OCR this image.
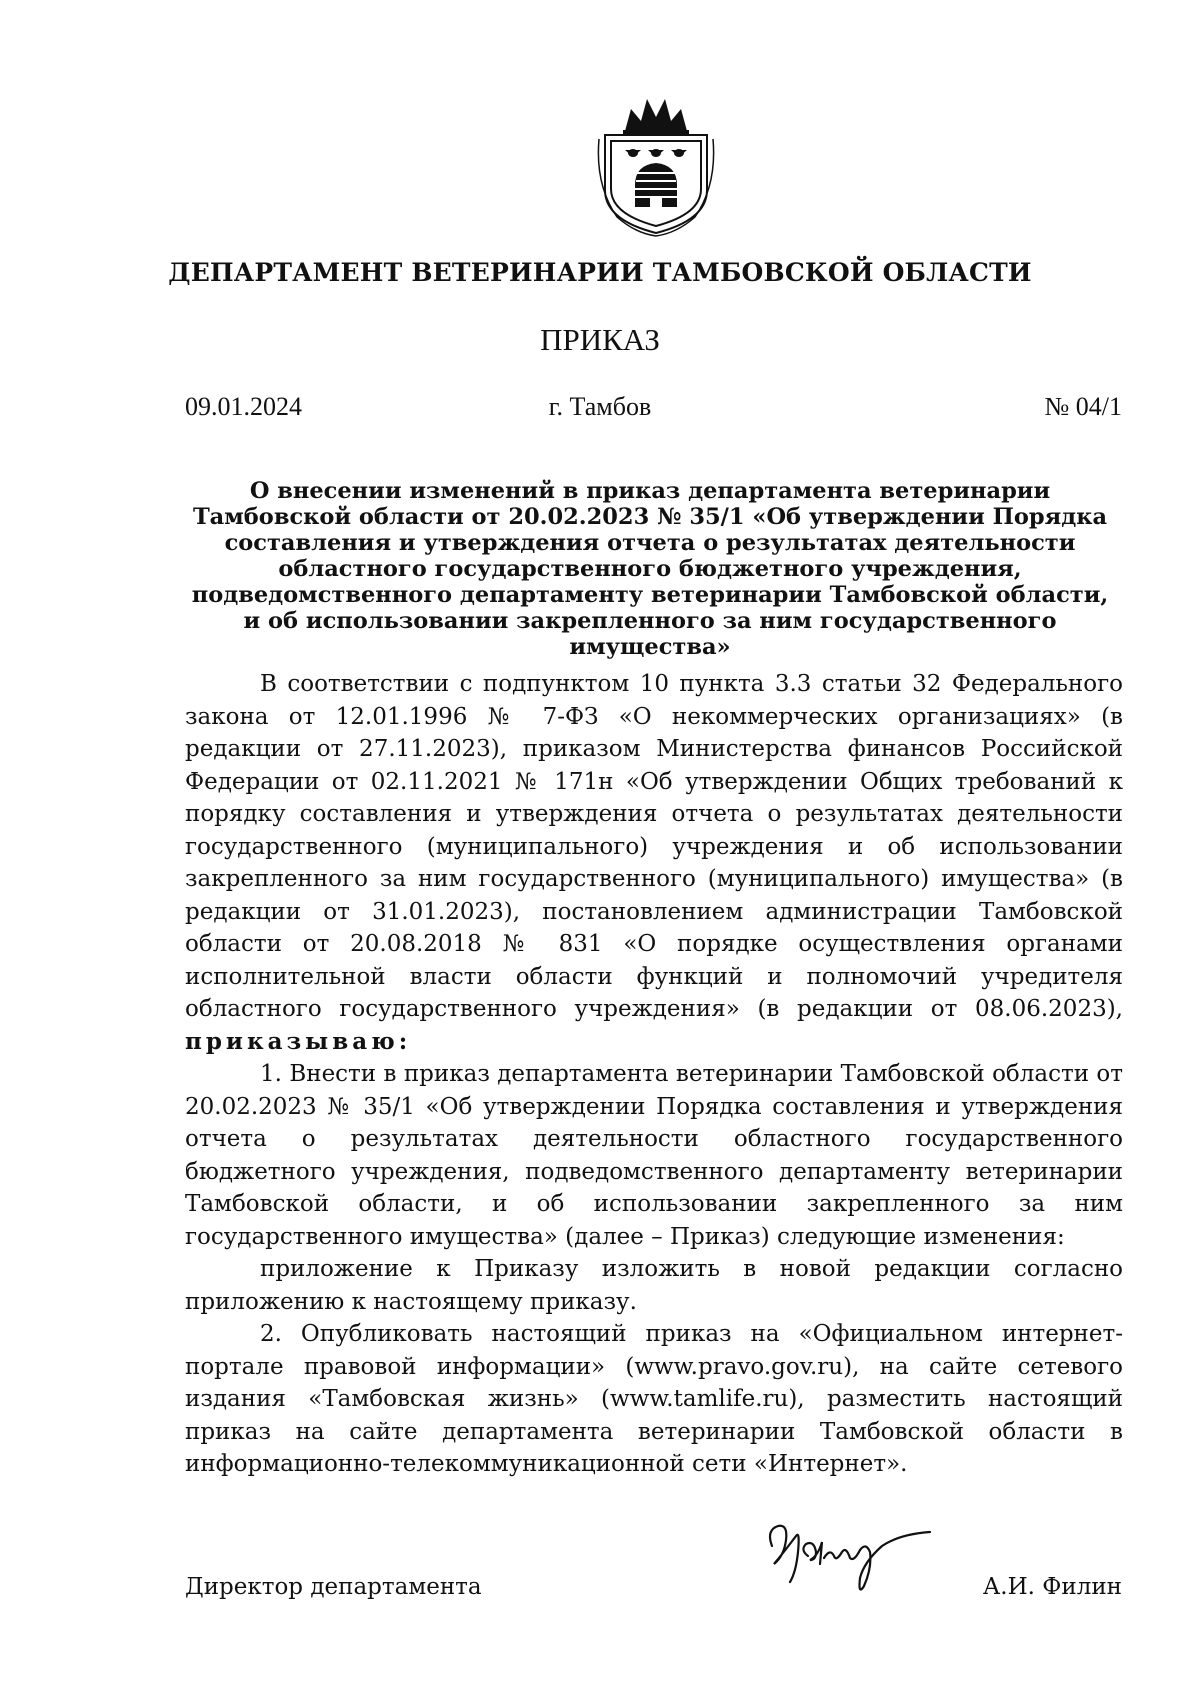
ДЕПАРТАМЕНТ ВЕТЕРИНАРИИ ТАМБОВСКОЙ ОБЛАСТИ
ПРИКАЗ
09.01.2024	г. Тамбов	№ 04/1
О внесении изменений в приказ департамента ветеринарии Тамбовской области от 20.02.2023 № 35/1 «Об утверждении Порядка составления и утверждения отчета о результатах деятельности областного государственного бюджетного учреждения, подведомственного департаменту ветеринарии Тамбовской области, и об использовании закрепленного за ним государственного имущества»

В соответствии с подпунктом 10 пункта 3.3 статьи 32 Федерального закона от 12.01.1996 № 7-ФЗ «О некоммерческих организациях» (в редакции от 27.11.2023), приказом Министерства финансов Российской Федерации от 02.11.2021 № 171н «Об утверждении Общих требований к порядку составления и утверждения отчета о результатах деятельности государственного (муниципального) учреждения и об использовании закрепленного за ним государственного (муниципального) имущества» (в редакции от 31.01.2023), постановлением администрации Тамбовской области от 20.08.2018 № 831 «О порядке осуществления органами исполнительной власти области функций и полномочий учредителя областного государственного учреждения» (в редакции от 08.06.2023), приказываю:

1. Внести в приказ департамента ветеринарии Тамбовской области от 20.02.2023 № 35/1 «Об утверждении Порядка составления и утверждения отчета о результатах деятельности областного государственного бюджетного учреждения, подведомственного департаменту ветеринарии Тамбовской области, и об использовании закрепленного за ним государственного имущества» (далее – Приказ) следующие изменения:

приложение к Приказу изложить в новой редакции согласно приложению к настоящему приказу.

2. Опубликовать настоящий приказ на «Официальном интернет-портале правовой информации» (www.pravo.gov.ru), на сайте сетевого издания «Тамбовская жизнь» (www.tamlife.ru), разместить настоящий приказ на сайте департамента ветеринарии Тамбовской области в информационно-телекоммуникационной сети «Интернет».

Директор департамента	А.И. Филин
